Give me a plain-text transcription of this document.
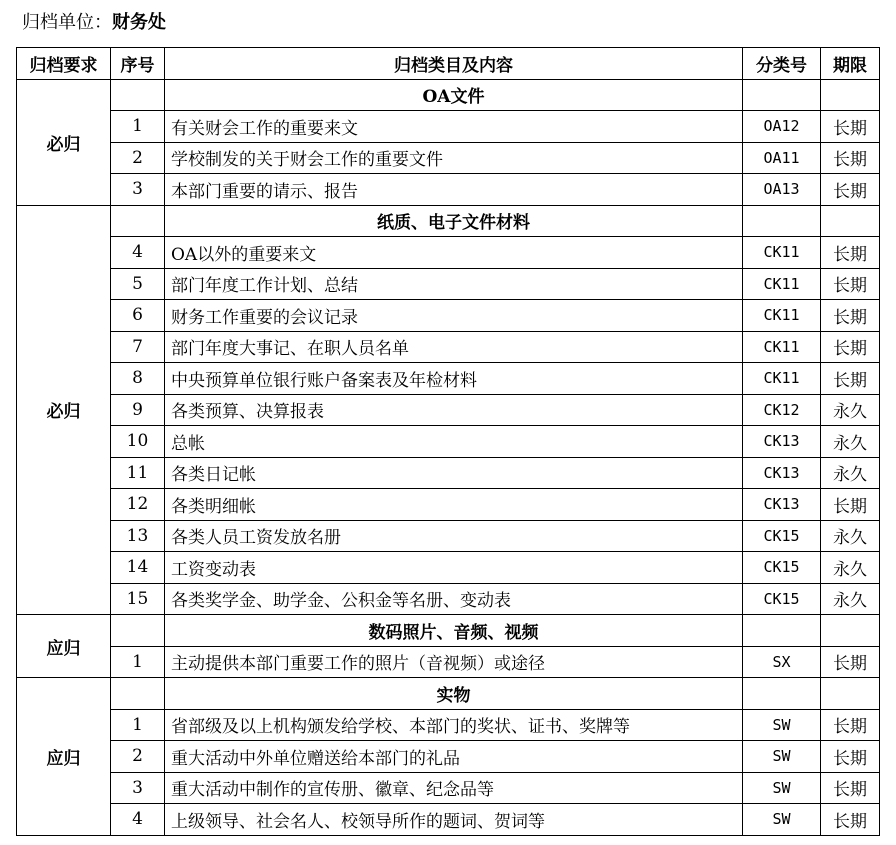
归档单位：财务处
归档要求	序号	归档类目及内容	分类号	期限
必归		OA文件		
	1	有关财会工作的重要来文	OA12	长期
	2	学校制发的关于财会工作的重要文件	OA11	长期
	3	本部门重要的请示、报告	OA13	长期
必归		纸质、电子文件材料		
	4	OA以外的重要来文	CK11	长期
	5	部门年度工作计划、总结	CK11	长期
	6	财务工作重要的会议记录	CK11	长期
	7	部门年度大事记、在职人员名单	CK11	长期
	8	中央预算单位银行账户备案表及年检材料	CK11	长期
	9	各类预算、决算报表	CK12	永久
	10	总帐	CK13	永久
	11	各类日记帐	CK13	永久
	12	各类明细帐	CK13	长期
	13	各类人员工资发放名册	CK15	永久
	14	工资变动表	CK15	永久
	15	各类奖学金、助学金、公积金等名册、变动表	CK15	永久
应归		数码照片、音频、视频		
	1	主动提供本部门重要工作的照片（音视频）或途径	SX	长期
应归		实物		
	1	省部级及以上机构颁发给学校、本部门的奖状、证书、奖牌等	SW	长期
	2	重大活动中外单位赠送给本部门的礼品	SW	长期
	3	重大活动中制作的宣传册、徽章、纪念品等	SW	长期
	4	上级领导、社会名人、校领导所作的题词、贺词等	SW	长期
